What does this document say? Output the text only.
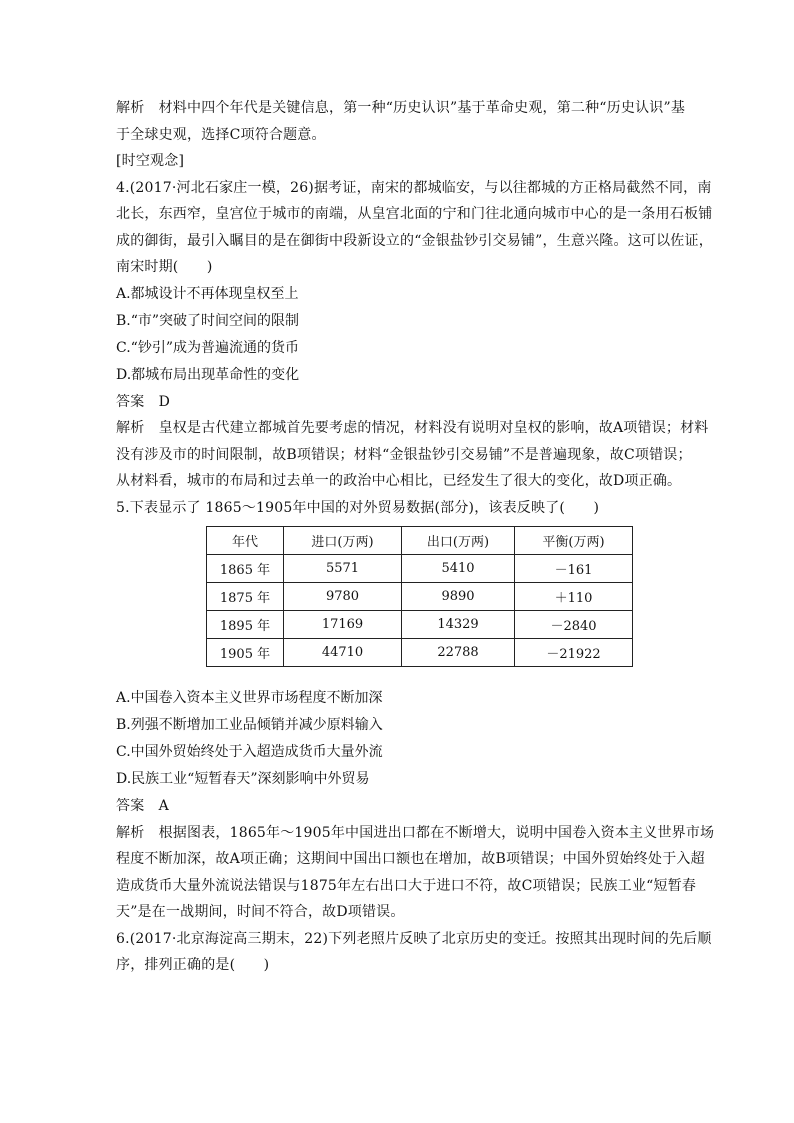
解析　材料中四个年代是关键信息，第一种“历史认识”基于革命史观，第二种“历史认识”基
于全球史观，选择C项符合题意。
[时空观念]
4.(2017·河北石家庄一模，26)据考证，南宋的都城临安，与以往都城的方正格局截然不同，南
北长，东西窄，皇宫位于城市的南端，从皇宫北面的宁和门往北通向城市中心的是一条用石板铺
成的御街，最引入瞩目的是在御街中段新设立的“金银盐钞引交易铺”，生意兴隆。这可以佐证，
南宋时期(　　)
A.都城设计不再体现皇权至上
B.“市”突破了时间空间的限制
C.“钞引”成为普遍流通的货币
D.都城布局出现革命性的变化
答案　D
解析　皇权是古代建立都城首先要考虑的情况，材料没有说明对皇权的影响，故A项错误；材料
没有涉及市的时间限制，故B项错误；材料“金银盐钞引交易铺”不是普遍现象，故C项错误；
从材料看，城市的布局和过去单一的政治中心相比，已经发生了很大的变化，故D项正确。
5.下表显示了 1865～1905年中国的对外贸易数据(部分)，该表反映了(　　)
年代	进口(万两)	出口(万两)	平衡(万两)
1865 年	5571	5410	－161
1875 年	9780	9890	＋110
1895 年	17169	14329	－2840
1905 年	44710	22788	－21922
A.中国卷入资本主义世界市场程度不断加深
B.列强不断增加工业品倾销并减少原料输入
C.中国外贸始终处于入超造成货币大量外流
D.民族工业“短暂春天”深刻影响中外贸易
答案　A
解析　根据图表，1865年～1905年中国进出口都在不断增大，说明中国卷入资本主义世界市场
程度不断加深，故A项正确；这期间中国出口额也在增加，故B项错误；中国外贸始终处于入超
造成货币大量外流说法错误与1875年左右出口大于进口不符，故C项错误；民族工业“短暂春
天”是在一战期间，时间不符合，故D项错误。
6.(2017·北京海淀高三期末，22)下列老照片反映了北京历史的变迁。按照其出现时间的先后顺
序，排列正确的是(　　)
